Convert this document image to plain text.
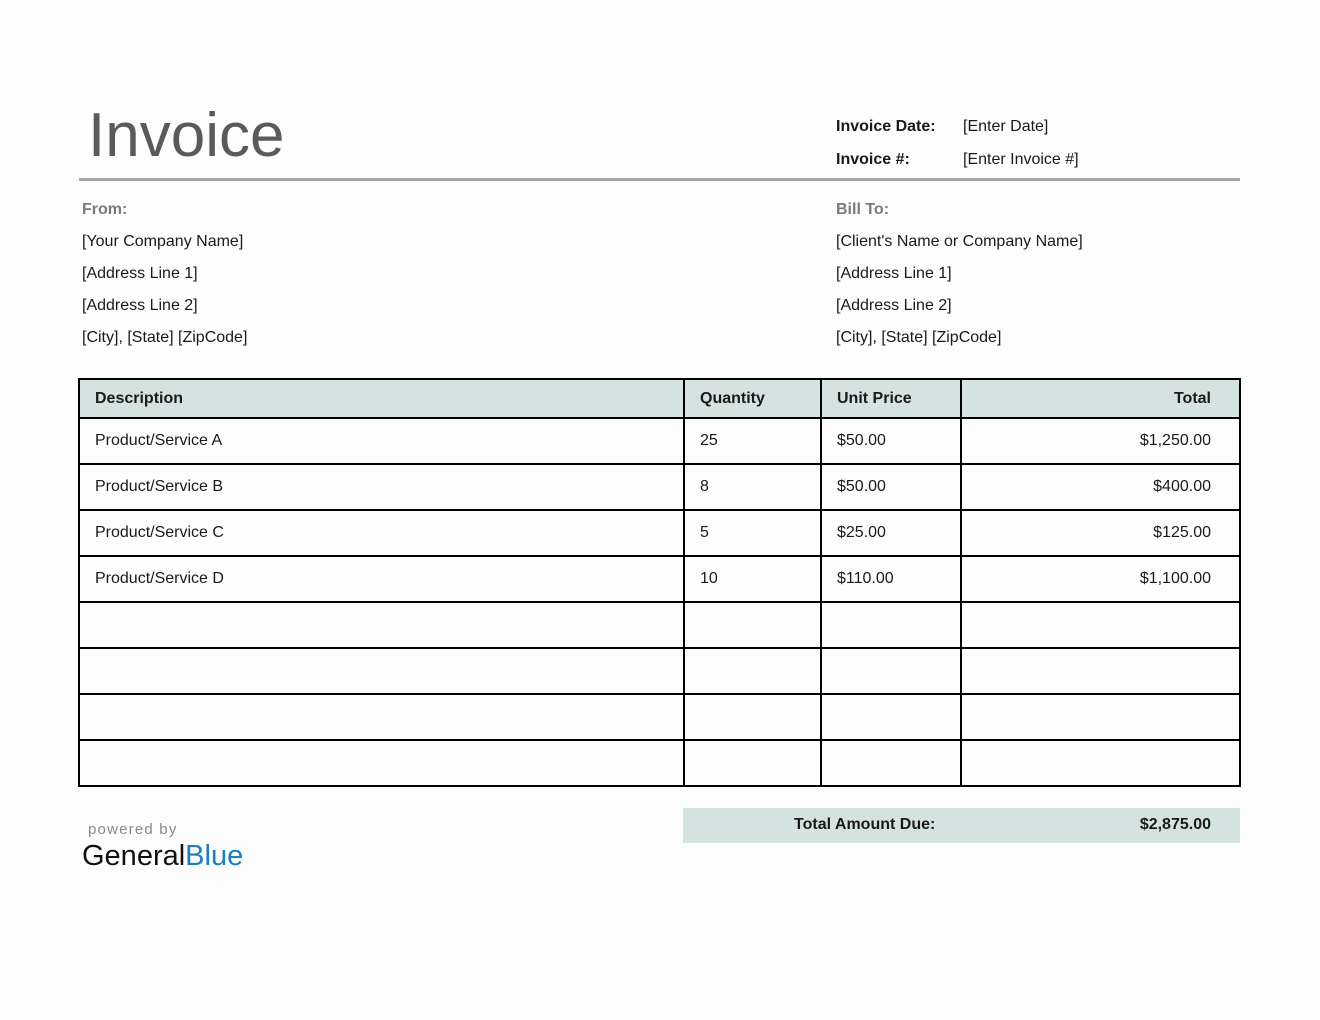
Invoice	Invoice Date: [Enter Date]
Invoice #:	[Enter Invoice #]
From:
[Your Company Name]
[Address Line 1]
[Address Line 2]
[City], [State] [ZipCode]
Bill To:
[Client's Name or Company Name]
[Address Line 1]
[Address Line 2]
[City], [State] [ZipCode]
Description	Quantity	Unit Price	Total
Product/Service A	25	$50.00	$1,250.00
Product/Service B	8	$50.00	$400.00
Product/Service C	5	$25.00	$125.00
Product/Service D	10	$110.00	$1,100.00

Total Amount Due:	$2,875.00
powered by
GeneralBlue
